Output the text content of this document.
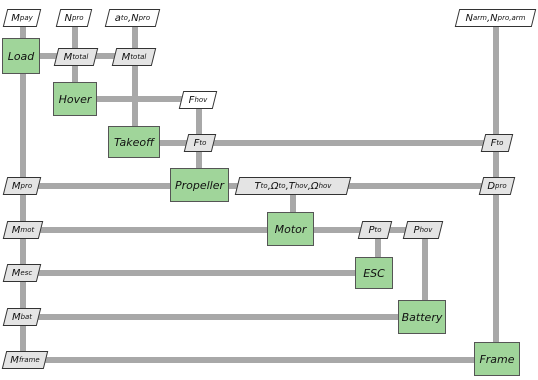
Load
Hover
Takeoff
Propeller
Motor
ESC
Battery
Frame
M pay	N pro	a to , N pro	N arm , N pro,arm
M total	M total
F hov
F to	F to
M pro	T to , Ω to , T hov , Ω hov	D pro
M mot	P to	P hov
M esc
M bat
M frame
